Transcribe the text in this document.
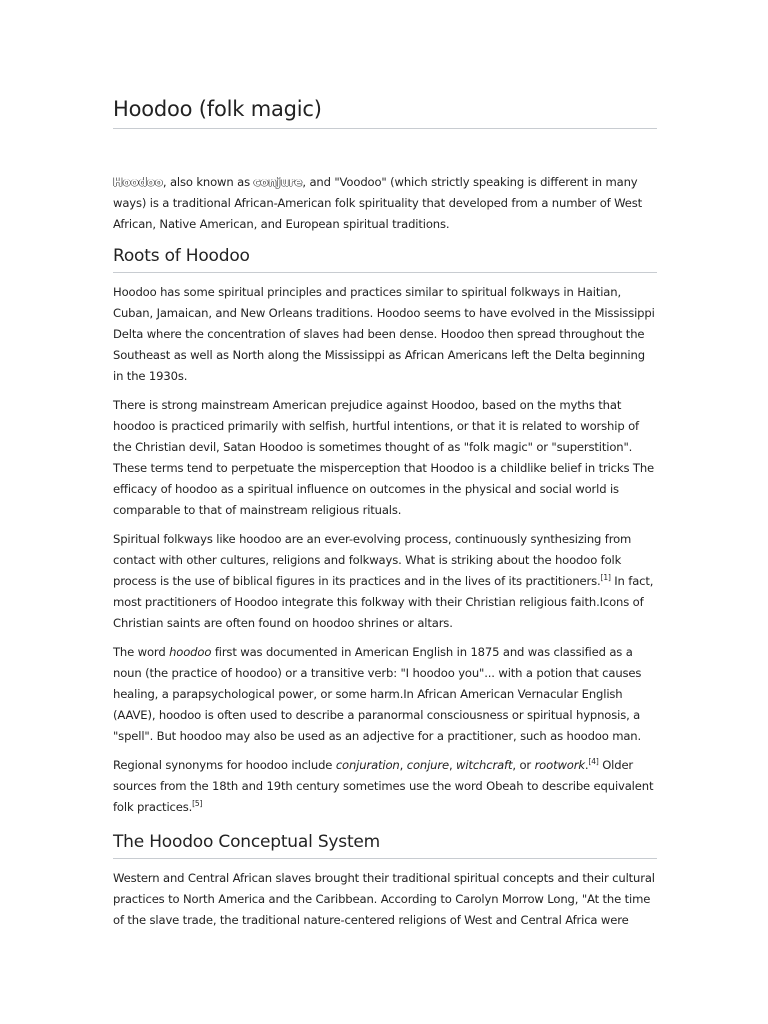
Hoodoo (folk magic)

Hoodoo, also known as conjure, and "Voodoo" (which strictly speaking is different in many ways) is a traditional African-American folk spirituality that developed from a number of West African, Native American, and European spiritual traditions.

Roots of Hoodoo

Hoodoo has some spiritual principles and practices similar to spiritual folkways in Haitian, Cuban, Jamaican, and New Orleans traditions. Hoodoo seems to have evolved in the Mississippi Delta where the concentration of slaves had been dense. Hoodoo then spread throughout the Southeast as well as North along the Mississippi as African Americans left the Delta beginning in the 1930s.

There is strong mainstream American prejudice against Hoodoo, based on the myths that hoodoo is practiced primarily with selfish, hurtful intentions, or that it is related to worship of the Christian devil, Satan Hoodoo is sometimes thought of as "folk magic" or "superstition". These terms tend to perpetuate the misperception that Hoodoo is a childlike belief in tricks The efficacy of hoodoo as a spiritual influence on outcomes in the physical and social world is comparable to that of mainstream religious rituals.

Spiritual folkways like hoodoo are an ever-evolving process, continuously synthesizing from contact with other cultures, religions and folkways. What is striking about the hoodoo folk process is the use of biblical figures in its practices and in the lives of its practitioners.[1] In fact, most practitioners of Hoodoo integrate this folkway with their Christian religious faith.Icons of Christian saints are often found on hoodoo shrines or altars.

The word hoodoo first was documented in American English in 1875 and was classified as a noun (the practice of hoodoo) or a transitive verb: "I hoodoo you"... with a potion that causes healing, a parapsychological power, or some harm.In African American Vernacular English (AAVE), hoodoo is often used to describe a paranormal consciousness or spiritual hypnosis, a "spell". But hoodoo may also be used as an adjective for a practitioner, such as hoodoo man.

Regional synonyms for hoodoo include conjuration, conjure, witchcraft, or rootwork.[4] Older sources from the 18th and 19th century sometimes use the word Obeah to describe equivalent folk practices.[5]

The Hoodoo Conceptual System

Western and Central African slaves brought their traditional spiritual concepts and their cultural practices to North America and the Caribbean. According to Carolyn Morrow Long, "At the time of the slave trade, the traditional nature-centered religions of West and Central Africa were
